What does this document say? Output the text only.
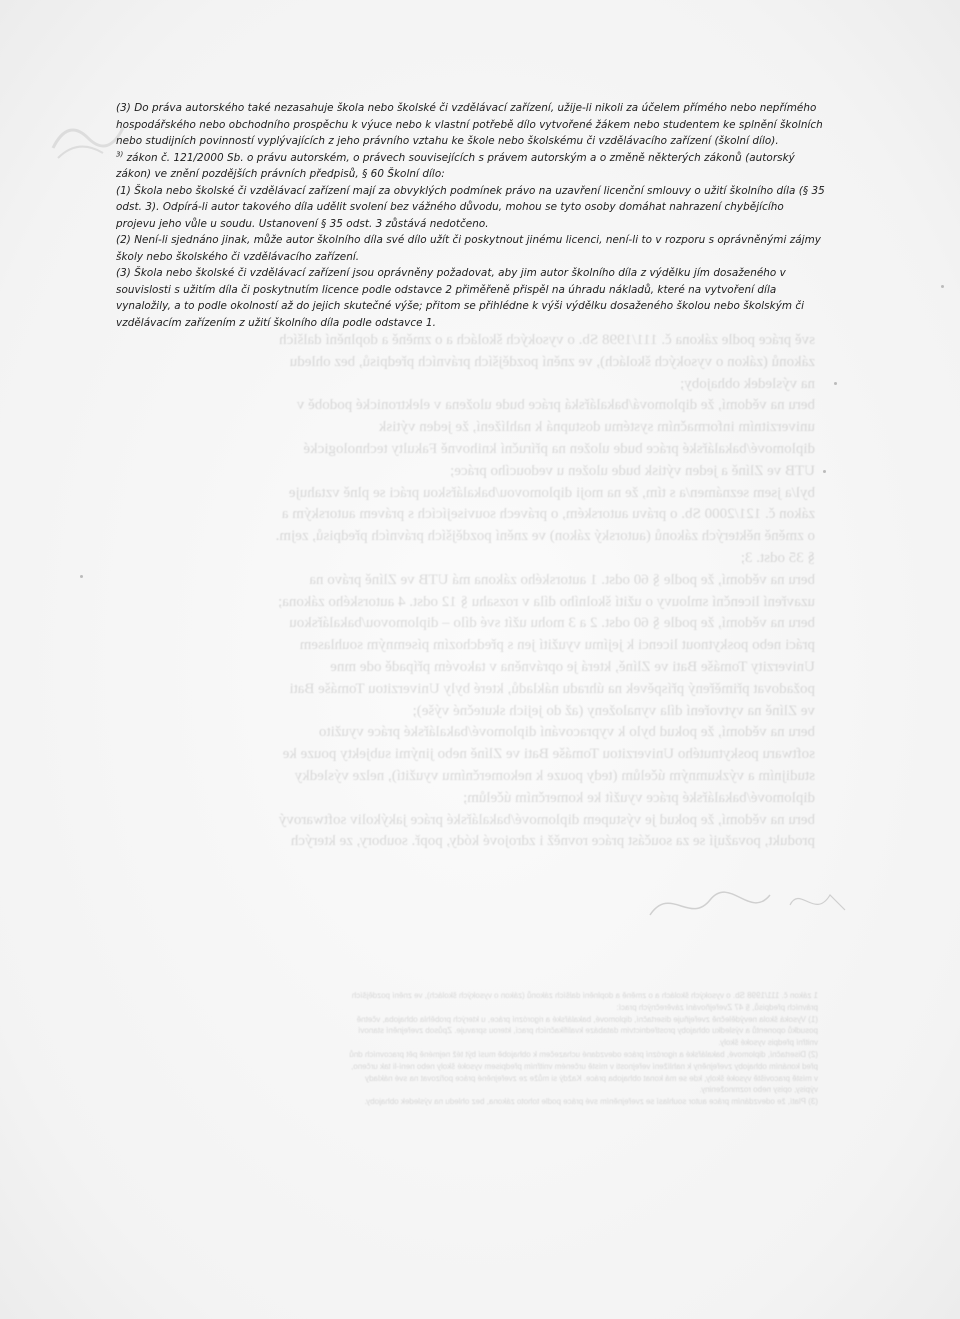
svě práce podle zákona č. 111/1998 Sb. o vysokých školách a o změně a doplnění dalších
zákonů (zákon o vysokých školách), ve znění pozdějších právních předpisů, bez ohledu
na výsledek obhajoby;
beru na vědomí, že diplomová/bakalářská práce bude uložena v elektronické podobě v
univerzitním informačním systému dostupná k nahlížení, že jeden výtisk
diplomové/bakalářské práce bude uložen na příruční knihovně Fakulty technologické
UTB ve Zlíně a jeden výtisk bude uložen u vedoucího práce;
byl/a jsem seznámen/a s tím, že na moji diplomovou/bakalářskou práci se plně vztahuje
zákon č. 121/2000 Sb. o právu autorském, o právech souvisejících s právem autorským a
o změně některých zákonů (autorský zákon) ve znění pozdějších právních předpisů, zejm.
§ 35 odst. 3;
beru na vědomí, že podle § 60 odst. 1 autorského zákona má UTB ve Zlíně právo na
uzavření licenční smlouvy o užití školního díla v rozsahu § 12 odst. 4 autorského zákona;
beru na vědomí, že podle § 60 odst. 2 a 3 mohu užít své dílo – diplomovou/bakalářskou
práci nebo poskytnout licenci k jejímu využití jen s předchozím písemným souhlasem
Univerzity Tomáše Bati ve Zlíně, která je oprávněna v takovém případě ode mne
požadovat přiměřený příspěvek na úhradu nákladů, které byly Univerzitou Tomáše Bati
ve Zlíně na vytvoření díla vynaloženy (až do jejich skutečné výše);
beru na vědomí, že pokud bylo k vypracování diplomové/bakalářské práce využito
softwaru poskytnutého Univerzitou Tomáše Bati ve Zlíně nebo jinými subjekty pouze ke
studijním a výzkumným účelům (tedy pouze k nekomerčnímu využití), nelze výsledky
diplomové/bakalářské práce využít ke komerčním účelům;
beru na vědomí, že pokud je výstupem diplomové/bakalářské práce jakýkoliv softwarový
produkt, považují se za součást práce rovněž i zdrojové kódy, popř. soubory, ze kterých
1 zákon č. 111/1998 Sb. o vysokých školách a o změně a doplnění dalších zákonů (zákon o vysokých školách), ve znění pozdějších
právních předpisů, § 47 Zveřejňování závěrečných prací:
(1) Vysoká škola nevýdělečně zveřejňuje disertační, diplomové, bakalářské a rigorózní práce, u kterých proběhla obhajoba, včetně
posudků oponentů a výsledku obhajoby prostřednictvím databáze kvalifikačních prací, kterou spravuje. Způsob zveřejnění stanoví
vnitřní předpis vysoké školy.
(2) Disertační, diplomové, bakalářské a rigorózní práce odevzdané uchazečem k obhajobě musí být též nejméně pět pracovních dnů
před konáním obhajoby zveřejněny k nahlížení veřejnosti v místě určeném vnitřním předpisem vysoké školy nebo není-li tak určeno,
v místě pracoviště vysoké školy, kde se má konat obhajoba práce. Každý si může ze zveřejněné práce pořizovat na své náklady
výpisy, opisy nebo rozmnoženiny.
(3) Platí, že odevzdáním práce autor souhlasí se zveřejněním své práce podle tohoto zákona, bez ohledu na výsledek obhajoby.

(3) Do práva autorského také nezasahuje škola nebo školské či vzdělávací zařízení, užije-li nikoli za účelem přímého nebo nepřímého hospodářského nebo obchodního prospěchu k výuce nebo k vlastní potřebě dílo vytvořené žákem nebo studentem ke splnění školních nebo studijních povinností vyplývajících z jeho právního vztahu ke škole nebo školskému či vzdělávacího zařízení (školní dílo).

$^{3)}$ zákon č. 121/2000 Sb. o právu autorském, o právech souvisejících s právem autorským a o změně některých zákonů (autorský zákon) ve znění pozdějších právních předpisů, § 60 Školní dílo:

(1) Škola nebo školské či vzdělávací zařízení mají za obvyklých podmínek právo na uzavření licenční smlouvy o užití školního díla (§ 35 odst. 3). Odpírá-li autor takového díla udělit svolení bez vážného důvodu, mohou se tyto osoby domáhat nahrazení chybějícího projevu jeho vůle u soudu. Ustanovení § 35 odst. 3 zůstává nedotčeno.

(2) Není-li sjednáno jinak, může autor školního díla své dílo užít či poskytnout jinému licenci, není-li to v rozporu s oprávněnými zájmy školy nebo školského či vzdělávacího zařízení.

(3) Škola nebo školské či vzdělávací zařízení jsou oprávněny požadovat, aby jim autor školního díla z výdělku jím dosaženého v souvislosti s užitím díla či poskytnutím licence podle odstavce 2 přiměřeně přispěl na úhradu nákladů, které na vytvoření díla vynaložily, a to podle okolností až do jejich skutečné výše; přitom se přihlédne k výši výdělku dosaženého školou nebo školským či vzdělávacím zařízením z užití školního díla podle odstavce 1.
